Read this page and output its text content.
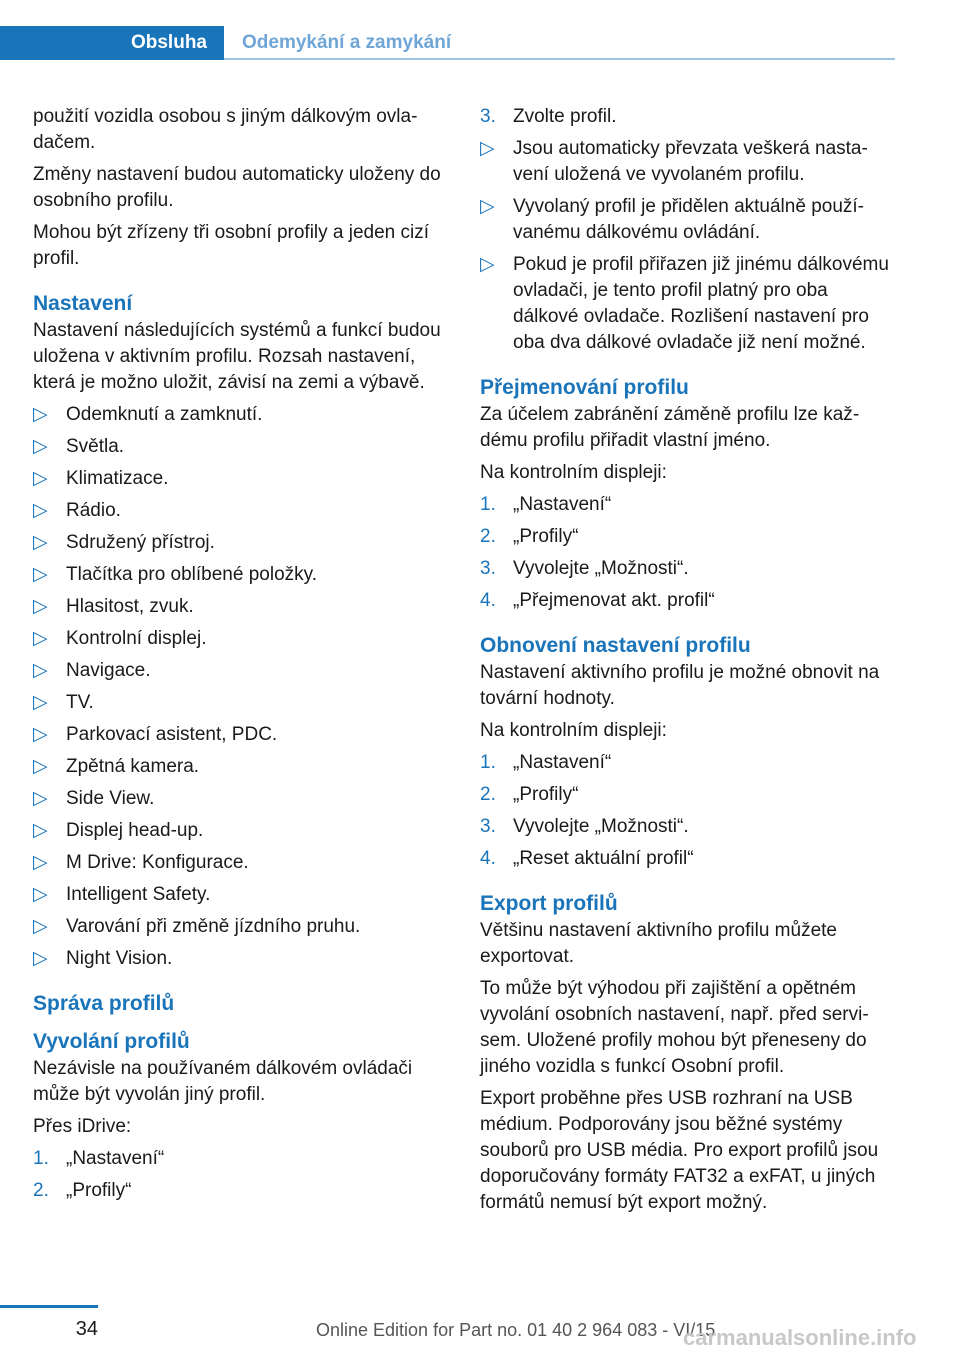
Obsluha	Odemykání a zamykání

použití vozidla osobou s jiným dálkovým ovladačem.

Změny nastavení budou automaticky uloženy do osobního profilu.

Mohou být zřízeny tři osobní profily a jeden cizí profil.

Nastavení

Nastavení následujících systémů a funkcí budou uložena v aktivním profilu. Rozsah nastavení, která je možno uložit, závisí na zemi a výbavě.

▷ Odemknutí a zamknutí.
▷ Světla.
▷ Klimatizace.
▷ Rádio.
▷ Sdružený přístroj.
▷ Tlačítka pro oblíbené položky.
▷ Hlasitost, zvuk.
▷ Kontrolní displej.
▷ Navigace.
▷ TV.
▷ Parkovací asistent, PDC.
▷ Zpětná kamera.
▷ Side View.
▷ Displej head-up.
▷ M Drive: Konfigurace.
▷ Intelligent Safety.
▷ Varování při změně jízdního pruhu.
▷ Night Vision.
Správa profilů
Vyvolání profilů

Nezávisle na používaném dálkovém ovládači může být vyvolán jiný profil.

Přes iDrive:

1. „Nastavení“
2. „Profily“
3. Zvolte profil.
▷ Jsou automaticky převzata veškerá nastavení uložená ve vyvolaném profilu.
▷ Vyvolaný profil je přidělen aktuálně používanému dálkovému ovládání.
▷ Pokud je profil přiřazen již jinému dálkovému ovladači, je tento profil platný pro oba dálkové ovladače. Rozlišení nastavení pro oba dva dálkové ovladače již není možné.
Přejmenování profilu

Za účelem zabránění záměně profilu lze každému profilu přiřadit vlastní jméno.

Na kontrolním displeji:

1. „Nastavení“
2. „Profily“
3. Vyvolejte „Možnosti“.
4. „Přejmenovat akt. profil“
Obnovení nastavení profilu

Nastavení aktivního profilu je možné obnovit na tovární hodnoty.

Na kontrolním displeji:

1. „Nastavení“
2. „Profily“
3. Vyvolejte „Možnosti“.
4. „Reset aktuální profil“
Export profilů

Většinu nastavení aktivního profilu můžete exportovat.

To může být výhodou při zajištění a opětném vyvolání osobních nastavení, např. před servisem. Uložené profily mohou být přeneseny do jiného vozidla s funkcí Osobní profil.

Export proběhne přes USB rozhraní na USB médium. Podporovány jsou běžné systémy souborů pro USB média. Pro export profilů jsou doporučovány formáty FAT32 a exFAT, u jiných formátů nemusí být export možný.

34	Online Edition for Part no. 01 40 2 964 083 - VI/15
carmanualsonline.info
